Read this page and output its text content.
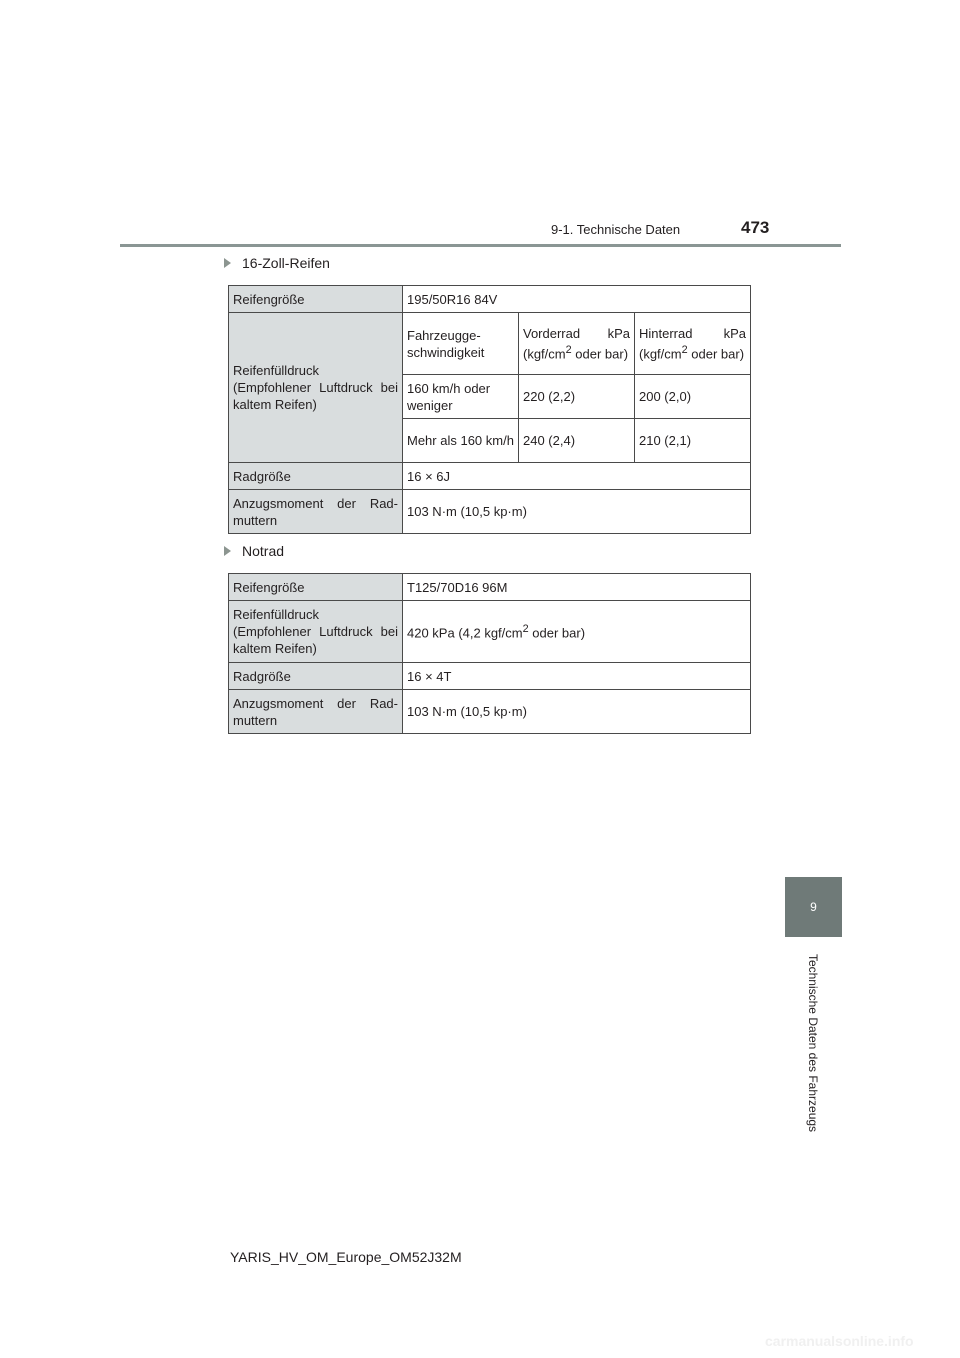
473
9-1. Technische Daten
16-Zoll-Reifen
Reifengröße	195/50R16 84V		
Reifenfülldruck (Empfohlener Luftdruck bei kaltem Reifen)	Fahrzeugge-schwindigkeit	Vorderrad kPa ($kgf/cm^2$ oder bar)	Hinterrad kPa ($kgf/cm^2$ oder bar)
	160 km/h oder weniger	220 (2,2)	200 (2,0)
	Mehr als 160 km/h	240 (2,4)	210 (2,1)
Radgröße	16 × 6J		
Anzugsmoment der Rad-muttern	103 N·m (10,5 kp·m)		
Notrad
Reifengröße	T125/70D16 96M
Reifenfülldruck (Empfohlener Luftdruck bei kaltem Reifen)	420 kPa (4,2 kgf/$cm^2$ oder bar)
Radgröße	16 × 4T
Anzugsmoment der Rad-muttern	103 N·m (10,5 kp·m)
9
Technische Daten des Fahrzeugs
YARIS_HV_OM_Europe_OM52J32M
carmanualsonline.info
